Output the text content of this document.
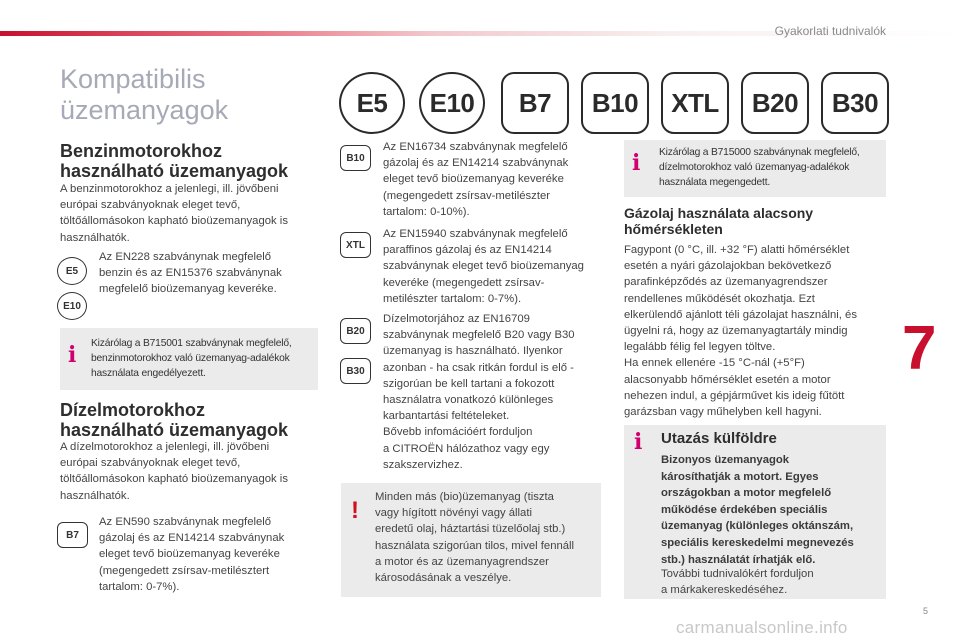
Gyakorlati tudnivalók
Kompatibilis
üzemanyagok	E5	E10	B7	B10	XTL	B20	B30
Benzinmotorokhoz
használható üzemanyagok
A benzinmotorokhoz a jelenlegi, ill. jövőbeni
európai szabványoknak eleget tevő,
töltőállomásokon kapható bioüzemanyagok is
használhatók.
E5
E10
Az EN228 szabványnak megfelelő
benzin és az EN15376 szabványnak
megfelelő bioüzemanyag keveréke.
i Kizárólag a B715001 szabványnak megfelelő,
benzinmotorokhoz való üzemanyag-adalékok
használata engedélyezett.
Dízelmotorokhoz
használható üzemanyagok
A dízelmotorokhoz a jelenlegi, ill. jövőbeni
európai szabványoknak eleget tevő,
töltőállomásokon kapható bioüzemanyagok is
használhatók.
B7
Az EN590 szabványnak megfelelő
gázolaj és az EN14214 szabványnak
eleget tevő bioüzemanyag keveréke
(megengedett zsírsav-metilésztert
tartalom: 0-7%).
B10
Az EN16734 szabványnak megfelelő
gázolaj és az EN14214 szabványnak
eleget tevő bioüzemanyag keveréke
(megengedett zsírsav-metilészter
tartalom: 0-10%).
XTL
Az EN15940 szabványnak megfelelő
paraffinos gázolaj és az EN14214
szabványnak eleget tevő bioüzemanyag
keveréke (megengedett zsírsav-
metilészter tartalom: 0-7%).
B20
B30
Dízelmotorjához az EN16709
szabványnak megfelelő B20 vagy B30
üzemanyag is használható. Ilyenkor
azonban - ha csak ritkán fordul is elő -
szigorúan be kell tartani a fokozott
használatra vonatkozó különleges
karbantartási feltételeket.
Bővebb infomációért forduljon
a CITROËN hálózathoz vagy egy
szakszervizhez.
! Minden más (bio)üzemanyag (tiszta
vagy hígított növényi vagy állati
eredetű olaj, háztartási tüzelőolaj stb.)
használata szigorúan tilos, mivel fennáll
a motor és az üzemanyagrendszer
károsodásának a veszélye.
i Kizárólag a B715000 szabványnak megfelelő,
dízelmotorokhoz való üzemanyag-adalékok
használata megengedett.
Gázolaj használata alacsony
hőmérsékleten
Fagypont (0 °C, ill. +32 °F) alatti hőmérséklet
esetén a nyári gázolajokban bekövetkező
parafinképződés az üzemanyagrendszer
rendellenes működését okozhatja. Ezt
elkerülendő ajánlott téli gázolajat használni, és
ügyelni rá, hogy az üzemanyagtartály mindig
legalább félig fel legyen töltve.
Ha ennek ellenére -15 °C-nál (+5°F)
alacsonyabb hőmérséklet esetén a motor
nehezen indul, a gépjárművet kis ideig fűtött
garázsban vagy műhelyben kell hagyni.
i Utazás külföldre
Bizonyos üzemanyagok
károsíthatják a motort. Egyes
országokban a motor megfelelő
működése érdekében speciális
üzemanyag (különleges oktánszám,
speciális kereskedelmi megnevezés
stb.) használatát írhatják elő.
További tudnivalókért forduljon
a márkakereskedéséhez.
7
5
carmanualsonline.info
